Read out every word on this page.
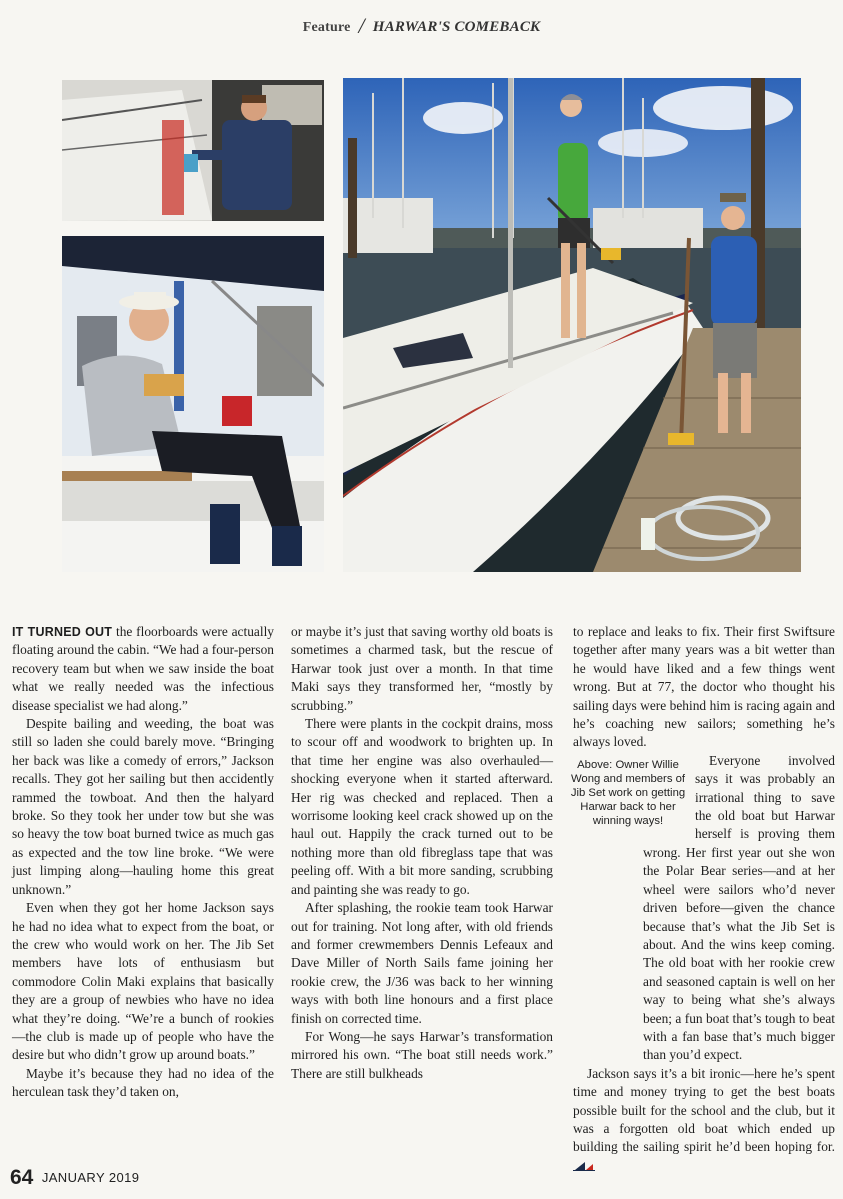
Feature / HARWAR'S COMEBACK

IT TURNED OUT the floorboards were actually floating around the cabin. “We had a four-person recovery team but when we saw inside the boat what we really needed was the infectious disease specialist we had along.”

Despite bailing and weeding, the boat was still so laden she could barely move. “Bringing her back was like a comedy of errors,” Jackson recalls. They got her sailing but then accidently rammed the towboat. And then the halyard broke. So they took her under tow but she was so heavy the tow boat burned twice as much gas as expected and the tow line broke. “We were just limping along—hauling home this great unknown.”

Even when they got her home Jackson says he had no idea what to expect from the boat, or the crew who would work on her. The Jib Set members have lots of enthusiasm but commodore Colin Maki explains that basically they are a group of newbies who have no idea what they’re doing. “We’re a bunch of rookies—the club is made up of people who have the desire but who didn’t grow up around boats.”

Maybe it’s because they had no idea of the herculean task they’d taken on,

or maybe it’s just that saving worthy old boats is sometimes a charmed task, but the rescue of Harwar took just over a month. In that time Maki says they transformed her, “mostly by scrubbing.”

There were plants in the cockpit drains, moss to scour off and woodwork to brighten up. In that time her engine was also overhauled—shocking everyone when it started afterward. Her rig was checked and replaced. Then a worrisome looking keel crack showed up on the haul out. Happily the crack turned out to be nothing more than old fibreglass tape that was peeling off. With a bit more sanding, scrubbing and painting she was ready to go.

After splashing, the rookie team took Harwar out for training. Not long after, with old friends and former crewmembers Dennis Lefeaux and Dave Miller of North Sails fame joining her rookie crew, the J/36 was back to her winning ways with both line honours and a first place finish on corrected time.

For Wong—he says Harwar’s transformation mirrored his own. “The boat still needs work.” There are still bulkheads

to replace and leaks to fix. Their first Swiftsure together after many years was a bit wetter than he would have liked and a few things went wrong. But at 77, the doctor who thought his sailing days were behind him is racing again and he’s coaching new sailors; something he’s always loved.

Above: Owner Willie Wong and members of Jib Set work on getting Harwar back to her winning ways!

Everyone involved says it was probably an irrational thing to save the old boat but Harwar herself is proving them wrong. Her first year out she won the Polar Bear series—and at her wheel were sailors who’d never driven before—given the chance because that’s what the Jib Set is about. And the wins keep coming. The old boat with her rookie crew and seasoned captain is well on her way to being what she’s always been; a fun boat that’s tough to beat with a fan base that’s much bigger than you’d expect.

Jackson says it’s a bit ironic—here he’s spent time and money trying to get the best boats possible built for the school and the club, but it was a forgotten old boat which ended up building the sailing spirit he’d been hoping for.

64 JANUARY 2019
